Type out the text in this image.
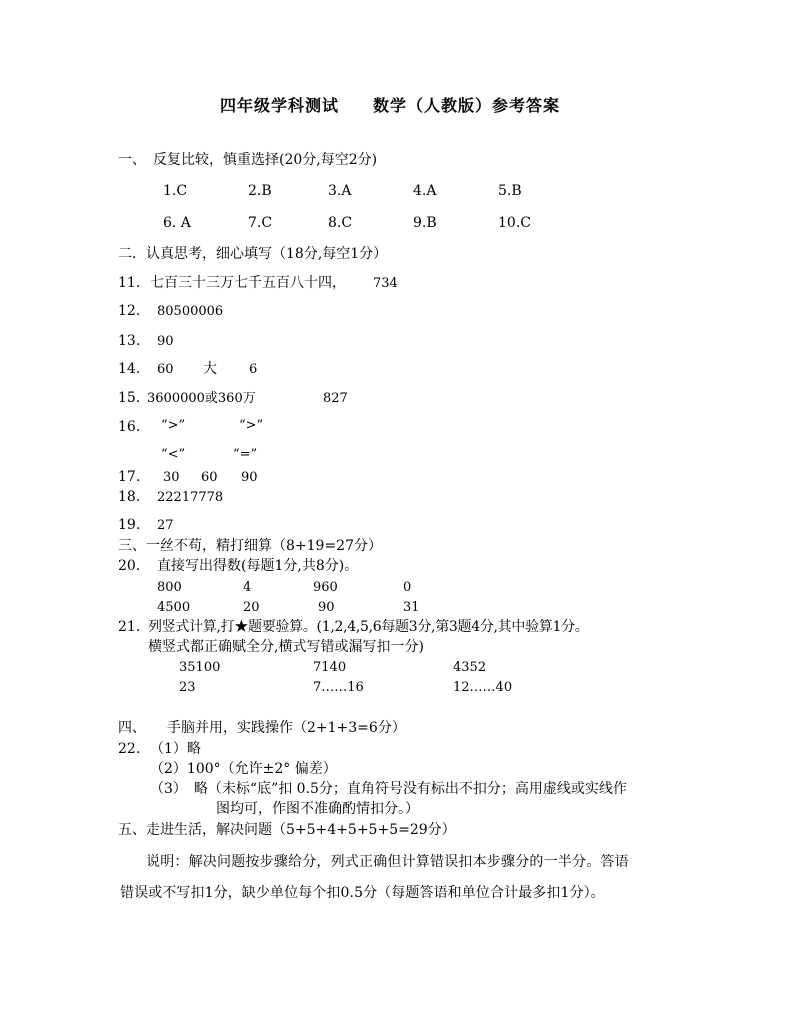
四年级学科测试　　数学（人教版）参考答案
一、　反复比较，慎重选择(20分,每空2分)
1.C	2.B	3.A	4.A	5.B
6. A	7.C	8.C	9.B	10.C
二．认真思考，细心填写（18分,每空1分）
11. 七百三十三万七千五百八十四， 734
12. 80500006
13. 90
14. 60 大 6
15. 3600000或360万	827
16. “>”	“>”
“<”	“=”
17. 30 60 90
18. 22217778
19. 27
三、一丝不苟，精打细算（8+19=27分）
20. 直接写出得数(每题1分,共8分)。
800	4	960	0
4500	20	90	31
21. 列竖式计算,打★题要验算。(1,2,4,5,6每题3分,第3题4分,其中验算1分。
横竖式都正确赋全分,横式写错或漏写扣一分)
35100	7140	4352
23	7……16	12……40
四、　　手脑并用，实践操作（2+1+3=6分）
22. （1）略
（2）100°（允许±2° 偏差）
（3）　略（未标“底”扣 0.5分；直角符号没有标出不扣分；高用虚线或实线作
图均可，作图不准确酌情扣分。）
五、走进生活，解决问题（5+5+4+5+5+5=29分）
说明：解决问题按步骤给分，列式正确但计算错误扣本步骤分的一半分。答语
错误或不写扣1分，缺少单位每个扣0.5分（每题答语和单位合计最多扣1分）。
